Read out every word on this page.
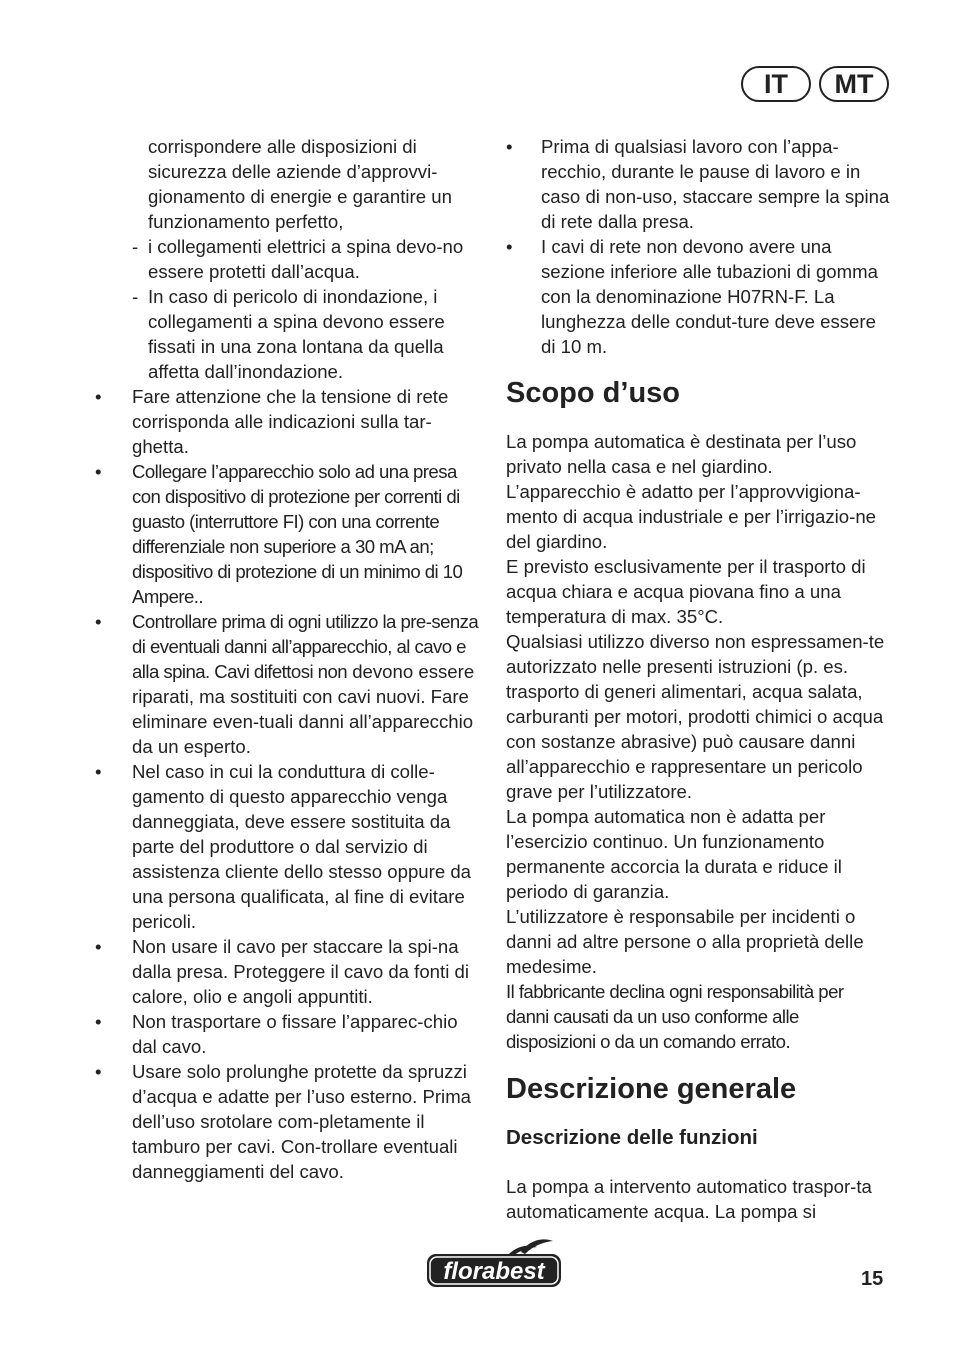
IT	MT

corrispondere alle disposizioni di sicurezza delle aziende d’approvvi-gionamento di energie e garantire un funzionamento perfetto,

- i collegamenti elettrici a spina devo-no essere protetti dall’acqua.

- In caso di pericolo di inondazione, i collegamenti a spina devono essere fissati in una zona lontana da quella affetta dall’inondazione.

• Fare attenzione che la tensione di rete corrisponda alle indicazioni sulla tar-ghetta.

• Collegare l’apparecchio solo ad una presa con dispositivo di protezione per correnti di guasto (interruttore FI) con una corrente differenziale non superiore a 30 mA an; dispositivo di protezione di un minimo di 10 Ampere..

• Controllare prima di ogni utilizzo la pre-senza di eventuali danni all’apparecchio, al cavo e alla spina. Cavi difettosi non devono essere riparati, ma sostituiti con cavi nuovi. Fare eliminare even-tuali danni all’apparecchio da un esperto.

• Nel caso in cui la conduttura di colle-gamento di questo apparecchio venga danneggiata, deve essere sostituita da parte del produttore o dal servizio di assistenza cliente dello stesso oppure da una persona qualificata, al fine di evitare pericoli.

• Non usare il cavo per staccare la spi-na dalla presa. Proteggere il cavo da fonti di calore, olio e angoli appuntiti.

• Non trasportare o fissare l’apparec-chio dal cavo.

• Usare solo prolunghe protette da spruzzi d’acqua e adatte per l’uso esterno. Prima dell’uso srotolare com-pletamente il tamburo per cavi. Con-trollare eventuali danneggiamenti del cavo.

• Prima di qualsiasi lavoro con l’appa-recchio, durante le pause di lavoro e in caso di non-uso, staccare sempre la spina di rete dalla presa.

• I cavi di rete non devono avere una sezione inferiore alle tubazioni di gomma con la denominazione H07RN-F. La lunghezza delle condut-ture deve essere di 10 m.

Scopo d’uso

La pompa automatica è destinata per l’uso privato nella casa e nel giardino.

L’apparecchio è adatto per l’approvvigiona-mento di acqua industriale e per l’irrigazio-ne del giardino.

E previsto esclusivamente per il trasporto di acqua chiara e acqua piovana fino a una temperatura di max. 35°C.

Qualsiasi utilizzo diverso non espressamen-te autorizzato nelle presenti istruzioni (p. es. trasporto di generi alimentari, acqua salata, carburanti per motori, prodotti chimici o acqua con sostanze abrasive) può causare danni all’apparecchio e rappresentare un pericolo grave per l’utilizzatore.

La pompa automatica non è adatta per l’esercizio continuo. Un funzionamento permanente accorcia la durata e riduce il periodo di garanzia.

L’utilizzatore è responsabile per incidenti o danni ad altre persone o alla proprietà delle medesime.

Il fabbricante declina ogni responsabilità per danni causati da un uso conforme alle disposizioni o da un comando errato.

Descrizione generale
Descrizione delle funzioni

La pompa a intervento automatico traspor-ta automaticamente acqua. La pompa si

florabest	15
